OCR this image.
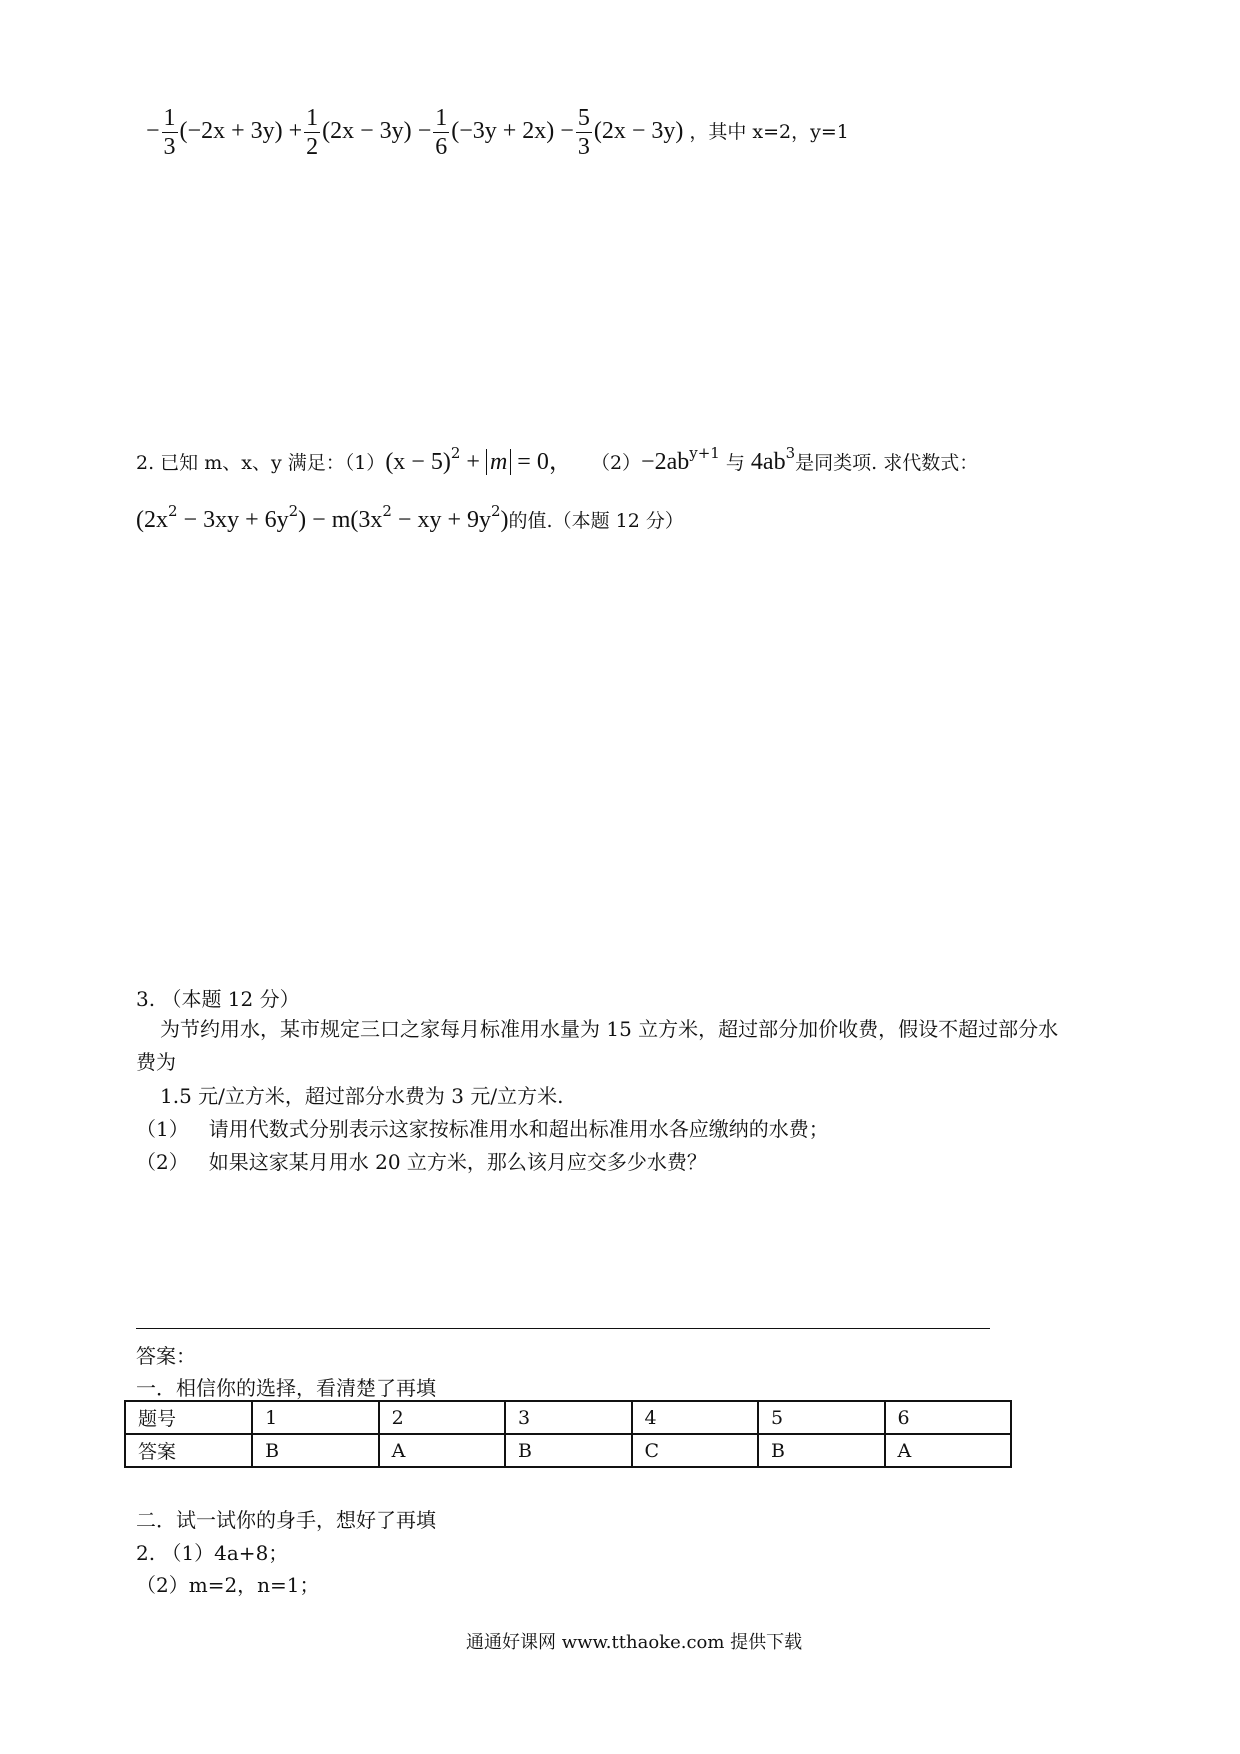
− $\frac{1}{3} (-2x + 3y) + \frac{1}{2} (2x - 3y) - \frac{1}{6} (-3y + 2x) - \frac{5}{3} (2x - 3y)$ ，其中 x=2，y=1
2. 已知 m、x、y 满足：$(1)(x - 5)^2 + m = 0$， $(2)-2ab^{y+1}$ 与 $4ab^3$是同类项. 求代数式：
$(2x^2 - 3xy + 6y^2) - m(3x^2$ − xy + $9y^2$)的值.（本题 12 分）
3. （本题 12 分）
为节约用水，某市规定三口之家每月标准用水量为 15 立方米，超过部分加价收费，假设不超过部分水
费为
1.5 元/立方米，超过部分水费为 3 元/立方米.
（1） 请用代数式分别表示这家按标准用水和超出标准用水各应缴纳的水费；
（2） 如果这家某月用水 20 立方米，那么该月应交多少水费？
答案：
一．相信你的选择，看清楚了再填
题号	1	2	3	4	5	6
答案	B	A	B	C	B	A
二．试一试你的身手，想好了再填
2. （1）4a+8；
（2）m=2，n=1；
通通好课网 www.tthaoke.com 提供下载
